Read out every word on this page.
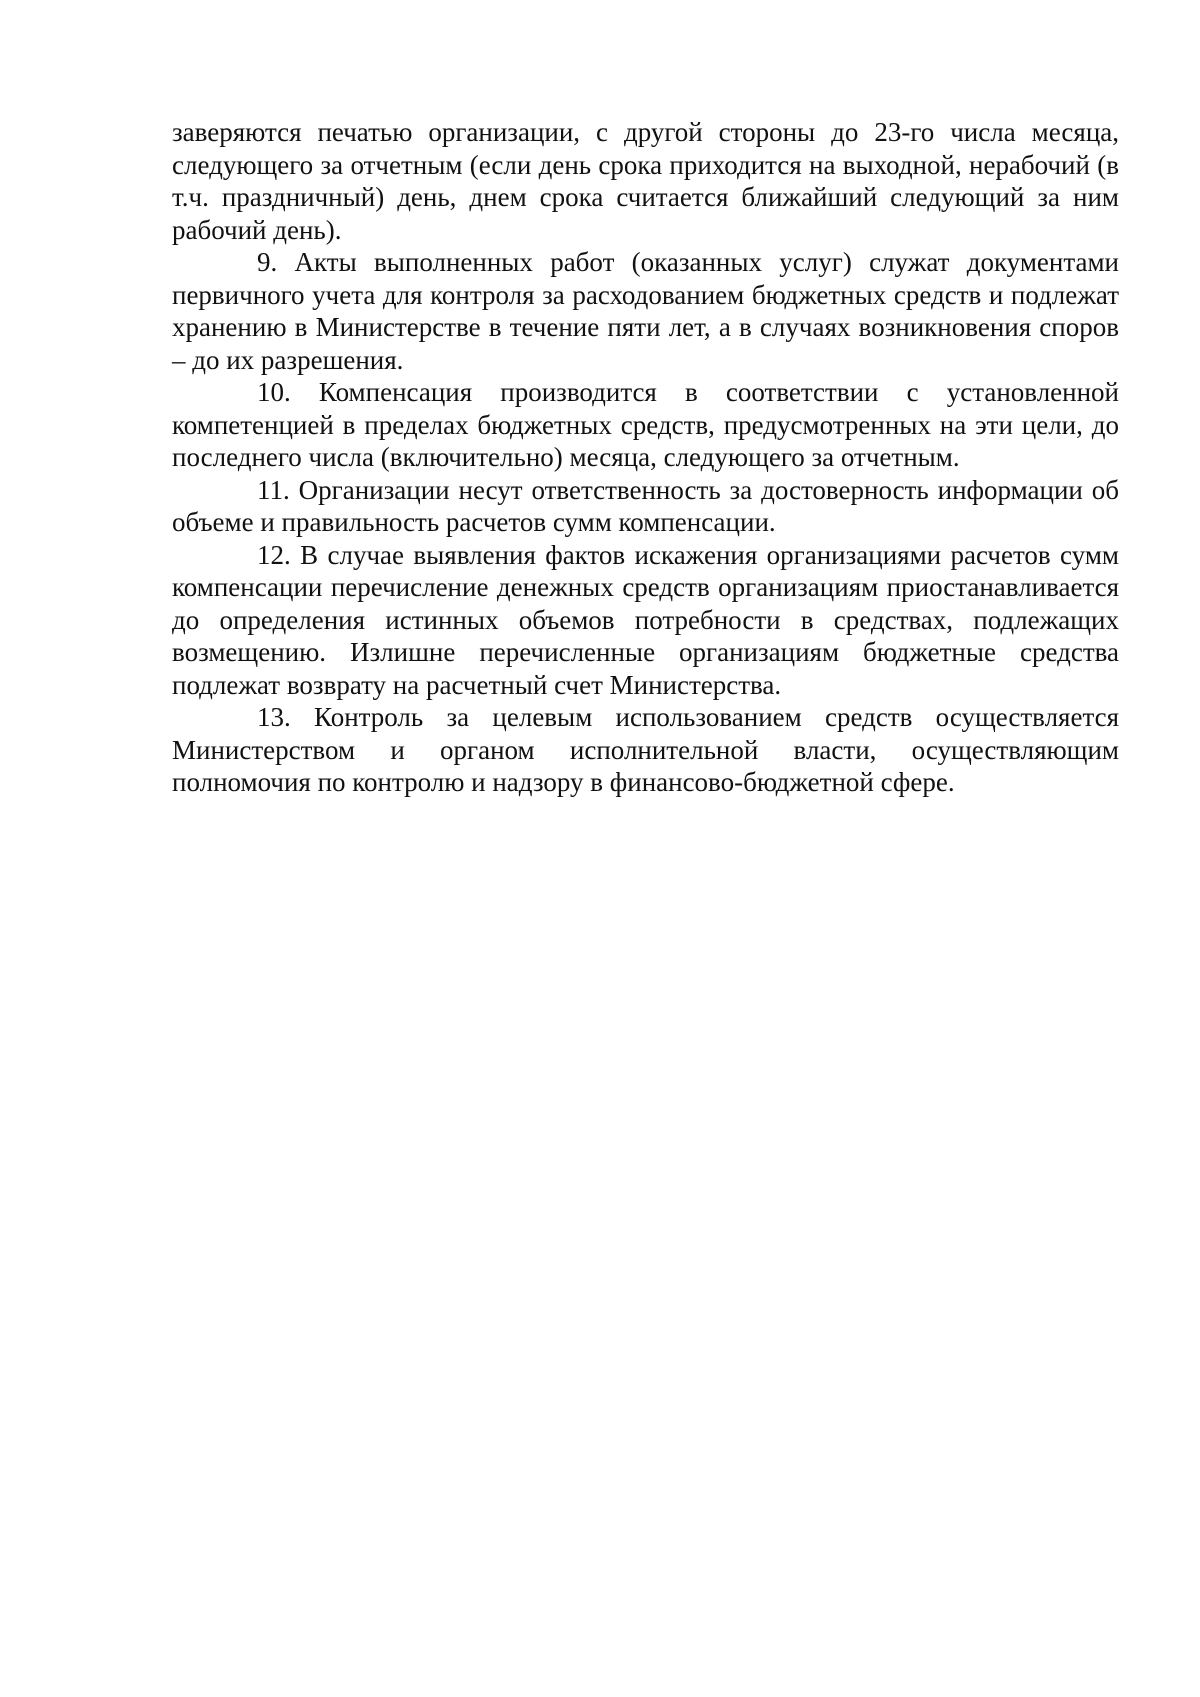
заверяются печатью организации, с другой стороны до 23-го числа месяца, следующего за отчетным (если день срока приходится на выходной, нерабочий (в т.ч. праздничный) день, днем срока считается ближайший следующий за ним рабочий день).

9. Акты выполненных работ (оказанных услуг) служат документами первичного учета для контроля за расходованием бюджетных средств и подлежат хранению в Министерстве в течение пяти лет, а в случаях возникновения споров – до их разрешения.

10. Компенсация производится в соответствии с установленной компетенцией в пределах бюджетных средств, предусмотренных на эти цели, до последнего числа (включительно) месяца, следующего за отчетным.

11. Организации несут ответственность за достоверность информации об объеме и правильность расчетов сумм компенсации.

12. В случае выявления фактов искажения организациями расчетов сумм компенсации перечисление денежных средств организациям приостанавливается до определения истинных объемов потребности в средствах, подлежащих возмещению. Излишне перечисленные организациям бюджетные средства подлежат возврату на расчетный счет Министерства.

13. Контроль за целевым использованием средств осуществляется Министерством и органом исполнительной власти, осуществляющим полномочия по контролю и надзору в финансово-бюджетной сфере.
